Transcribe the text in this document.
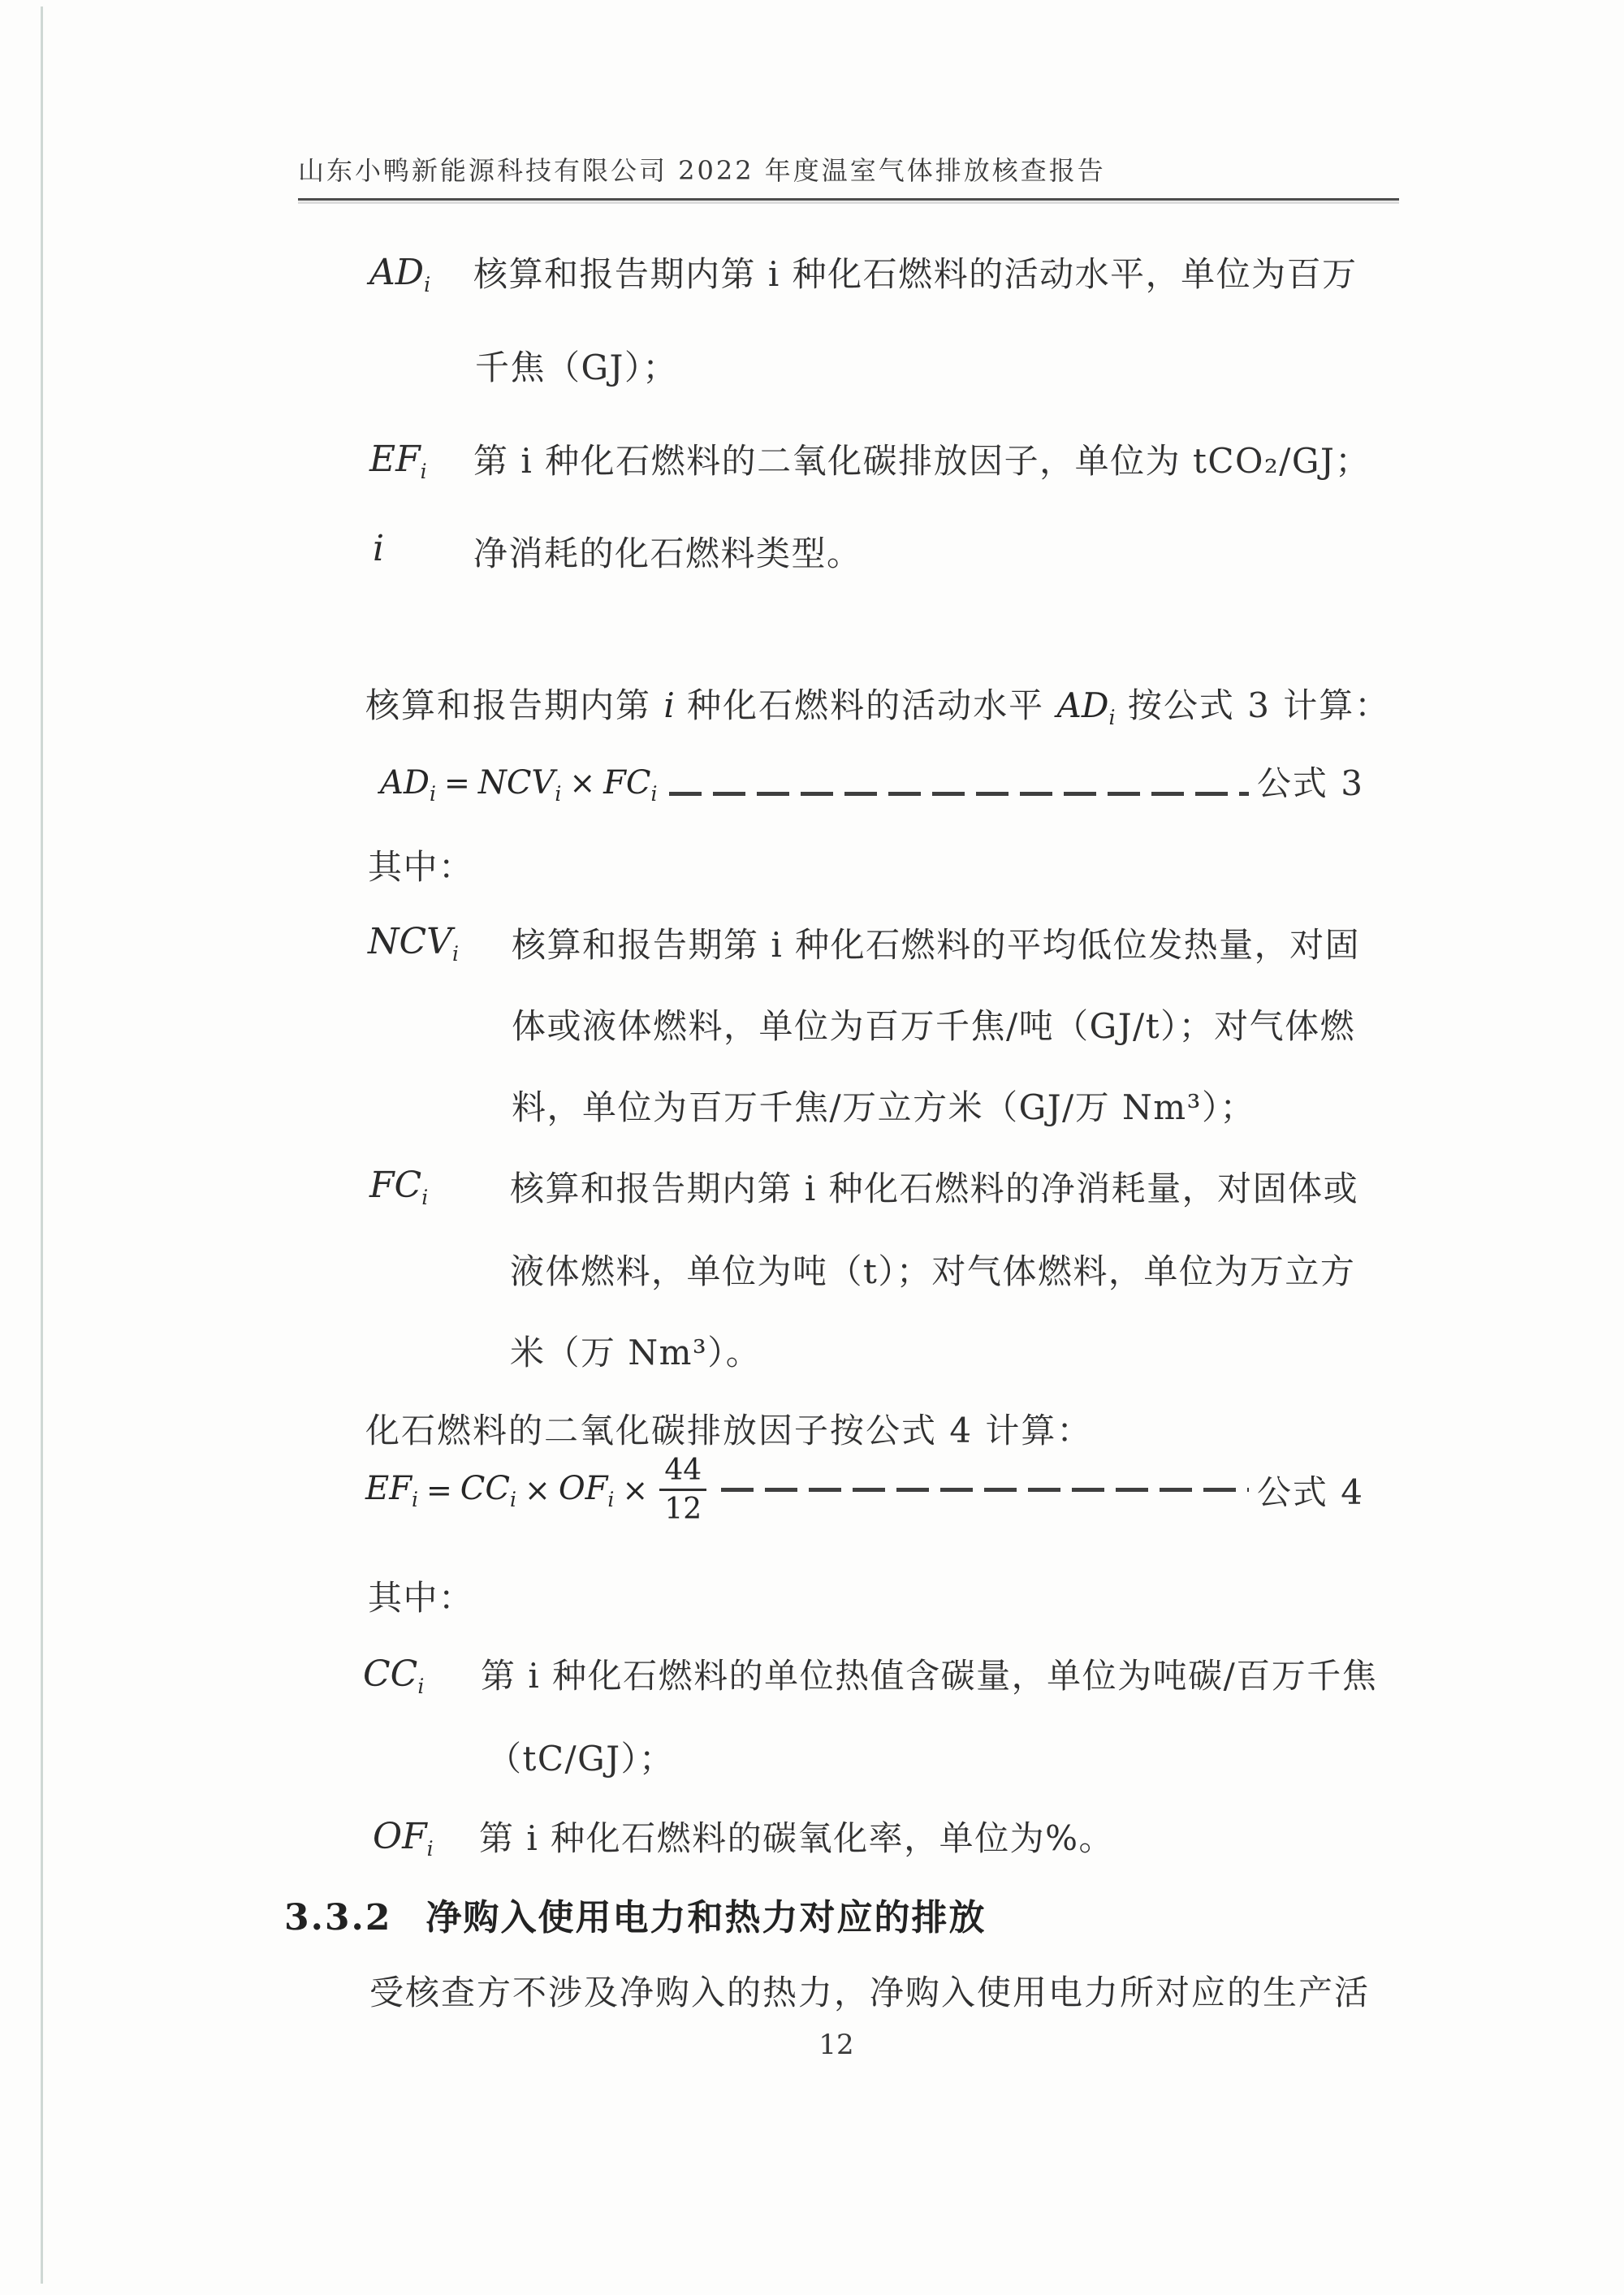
山东小鸭新能源科技有限公司 2022 年度温室气体排放核查报告
$AD_i$ 核算和报告期内第 i 种化石燃料的活动水平，单位为百万
千焦（GJ）；
$EF_i$ 第 i 种化石燃料的二氧化碳排放因子，单位为 tCO₂/GJ；
i	净消耗的化石燃料类型。
核算和报告期内第 i 种化石燃料的活动水平 $AD_i$ 按公式 3 计算：
$AD_i = NCV_i \times FC_i$	公式 3
其中：
$NCV_i$ 核算和报告期第 i 种化石燃料的平均低位发热量，对固
体或液体燃料，单位为百万千焦/吨（GJ/t）；对气体燃
料，单位为百万千焦/万立方米（GJ/万 Nm³）；
$FC_i$ 核算和报告期内第 i 种化石燃料的净消耗量，对固体或
液体燃料，单位为吨（t）；对气体燃料，单位为万立方
米（万 Nm³）。
化石燃料的二氧化碳排放因子按公式 4 计算：
$EF_i = CC_i \times OF_i \times \frac{44}{12}$	公式 4
其中：
$CC_i$ 第 i 种化石燃料的单位热值含碳量，单位为吨碳/百万千焦
（tC/GJ）；
$OF_i$ 第 i 种化石燃料的碳氧化率，单位为%。
3.3.2 净购入使用电力和热力对应的排放
受核查方不涉及净购入的热力，净购入使用电力所对应的生产活
12
